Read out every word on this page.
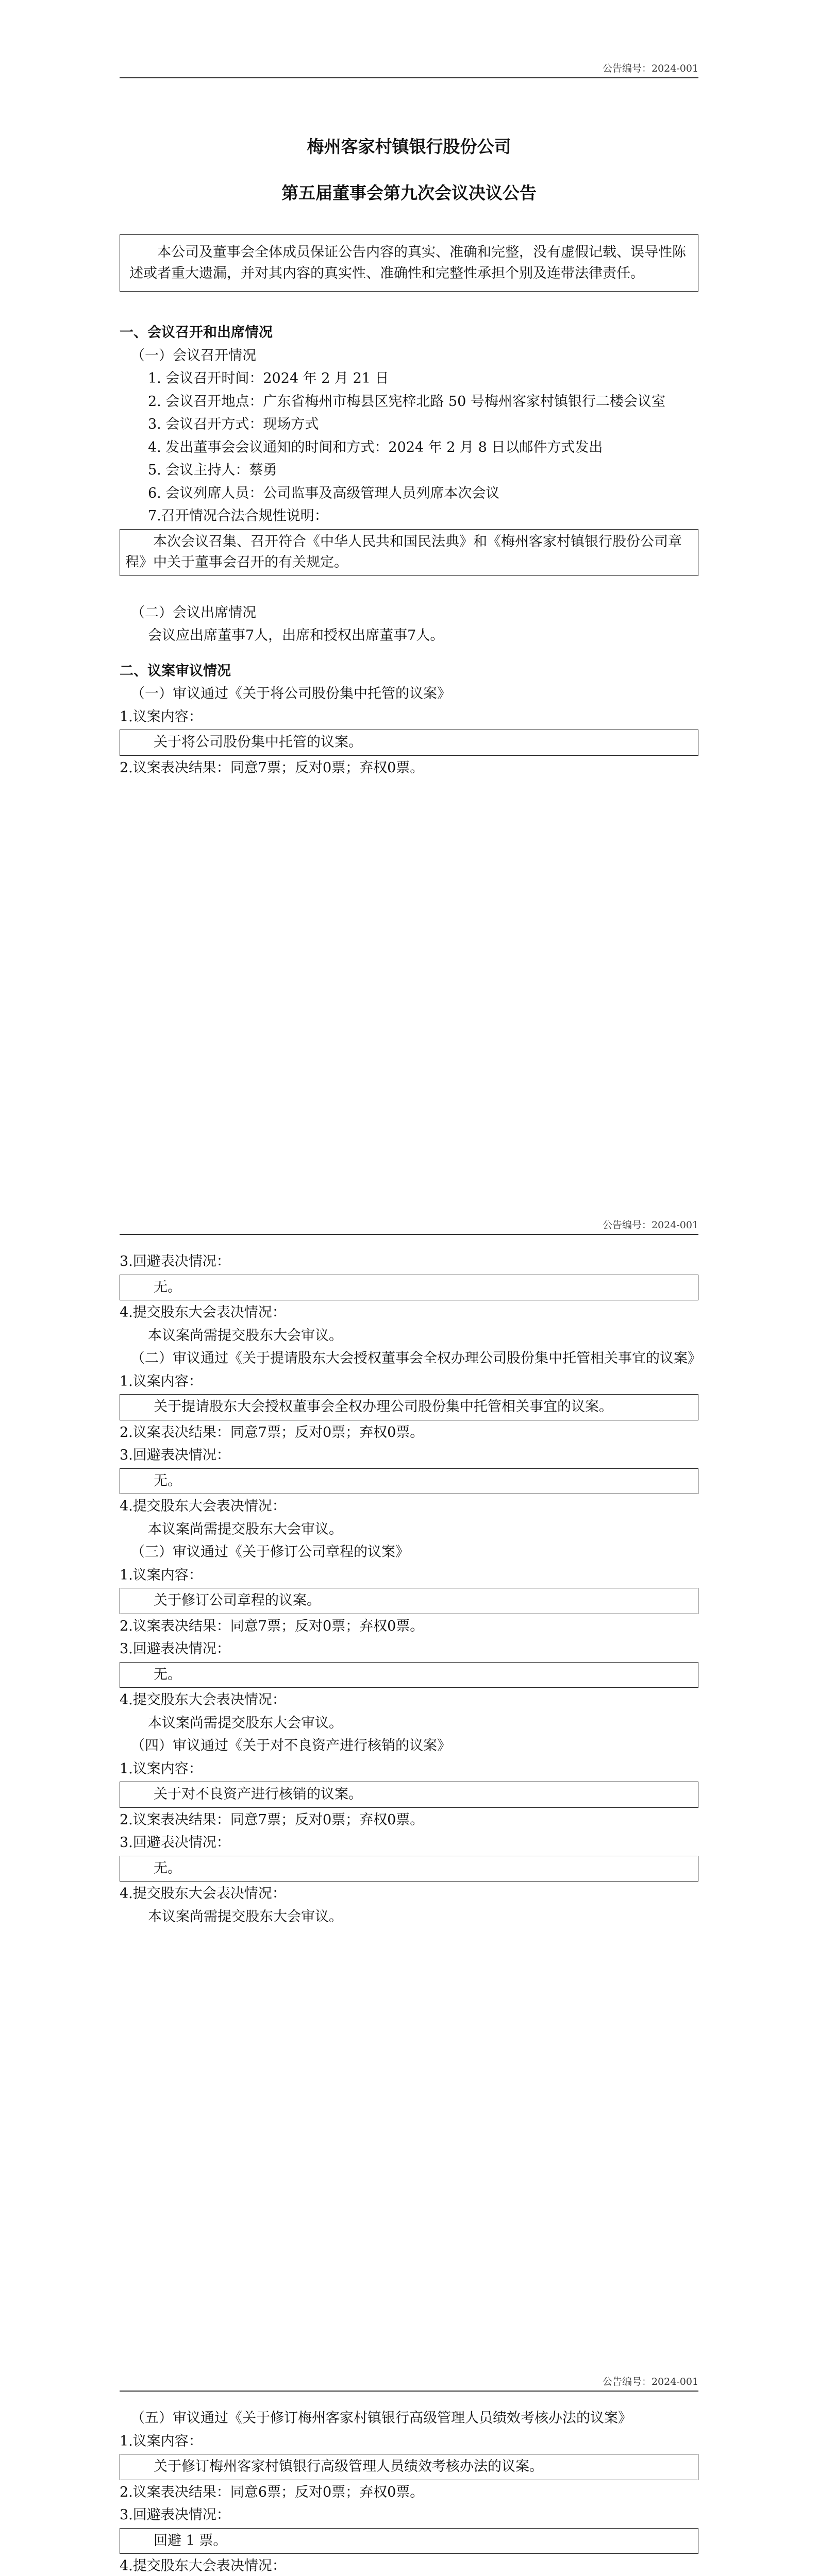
公告编号：2024-001

梅州客家村镇银行股份公司

第五届董事会第九次会议决议公告

本公司及董事会全体成员保证公告内容的真实、准确和完整，没有虚假记载、误导性陈述或者重大遗漏，并对其内容的真实性、准确性和完整性承担个别及连带法律责任。

一、会议召开和出席情况
（一）会议召开情况
1. 会议召开时间：2024 年 2 月 21 日
2. 会议召开地点：广东省梅州市梅县区宪梓北路 50 号梅州客家村镇银行二楼会议室
3. 会议召开方式：现场方式
4. 发出董事会会议通知的时间和方式：2024 年 2 月 8 日以邮件方式发出
5. 会议主持人：蔡勇
6. 会议列席人员：公司监事及高级管理人员列席本次会议
7.召开情况合法合规性说明：

本次会议召集、召开符合《中华人民共和国民法典》和《梅州客家村镇银行股份公司章程》中关于董事会召开的有关规定。

（二）会议出席情况
会议应出席董事7人，出席和授权出席董事7人。
二、议案审议情况
（一）审议通过《关于将公司股份集中托管的议案》
1.议案内容：

关于将公司股份集中托管的议案。

2.议案表决结果：同意7票；反对0票；弃权0票。
公告编号：2024-001
3.回避表决情况：

无。

4.提交股东大会表决情况：
本议案尚需提交股东大会审议。
（二）审议通过《关于提请股东大会授权董事会全权办理公司股份集中托管相关事宜的议案》
1.议案内容：

关于提请股东大会授权董事会全权办理公司股份集中托管相关事宜的议案。

2.议案表决结果：同意7票；反对0票；弃权0票。
3.回避表决情况：

无。

4.提交股东大会表决情况：
本议案尚需提交股东大会审议。
（三）审议通过《关于修订公司章程的议案》
1.议案内容：

关于修订公司章程的议案。

2.议案表决结果：同意7票；反对0票；弃权0票。
3.回避表决情况：

无。

4.提交股东大会表决情况：
本议案尚需提交股东大会审议。
（四）审议通过《关于对不良资产进行核销的议案》
1.议案内容：

关于对不良资产进行核销的议案。

2.议案表决结果：同意7票；反对0票；弃权0票。
3.回避表决情况：

无。

4.提交股东大会表决情况：
本议案尚需提交股东大会审议。
公告编号：2024-001
（五）审议通过《关于修订梅州客家村镇银行高级管理人员绩效考核办法的议案》
1.议案内容：

关于修订梅州客家村镇银行高级管理人员绩效考核办法的议案。

2.议案表决结果：同意6票；反对0票；弃权0票。
3.回避表决情况：

回避 1 票。

4.提交股东大会表决情况：
